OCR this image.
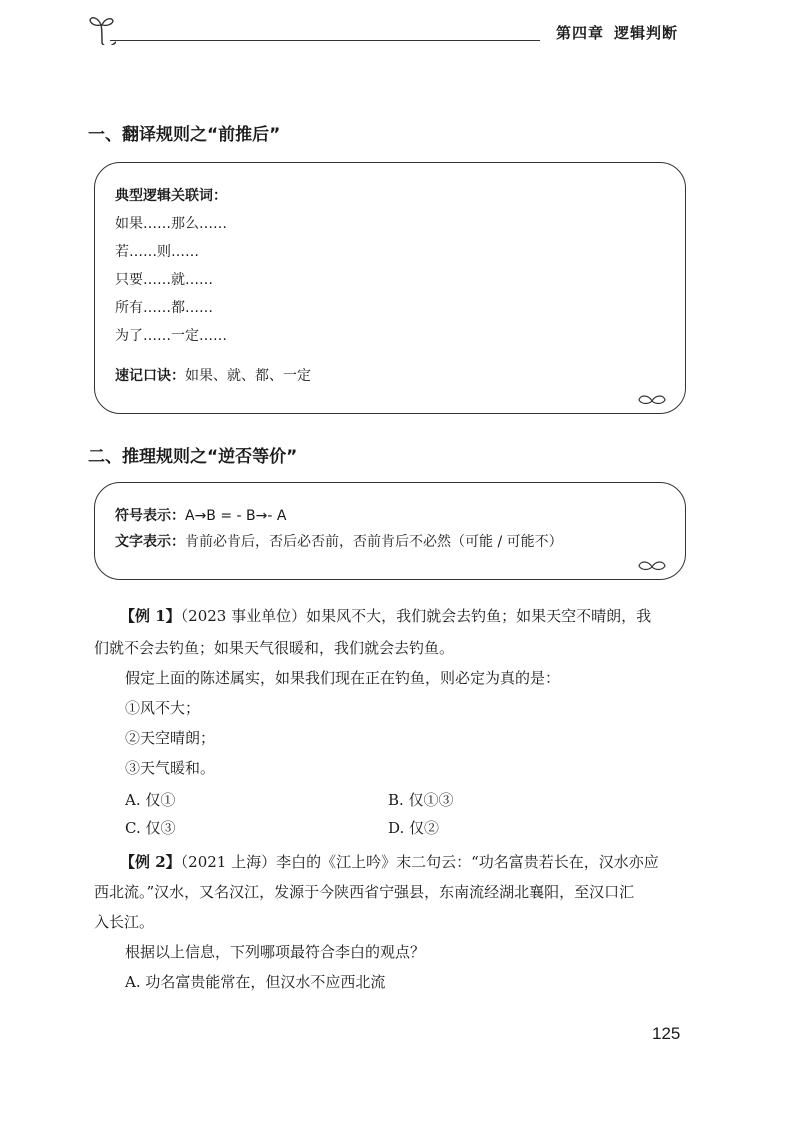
第四章 逻辑判断
一、翻译规则之“前推后”
典型逻辑关联词：
如果……那么……
若……则……
只要……就……
所有……都……
为了……一定……
速记口诀：如果、就、都、一定
二、推理规则之“逆否等价”
符号表示：A→B = - B→- A
文字表示：肯前必肯后，否后必否前，否前肯后不必然（可能 / 可能不）
【例 1】（2023 事业单位）如果风不大，我们就会去钓鱼；如果天空不晴朗，我
们就不会去钓鱼；如果天气很暖和，我们就会去钓鱼。
假定上面的陈述属实，如果我们现在正在钓鱼，则必定为真的是：
①风不大；
②天空晴朗；
③天气暖和。
A. 仅①	B. 仅①③
C. 仅③	D. 仅②
【例 2】（2021 上海）李白的《江上吟》末二句云：“功名富贵若长在，汉水亦应
西北流。”汉水，又名汉江，发源于今陕西省宁强县，东南流经湖北襄阳，至汉口汇
入长江。
根据以上信息，下列哪项最符合李白的观点？
A. 功名富贵能常在，但汉水不应西北流
125
